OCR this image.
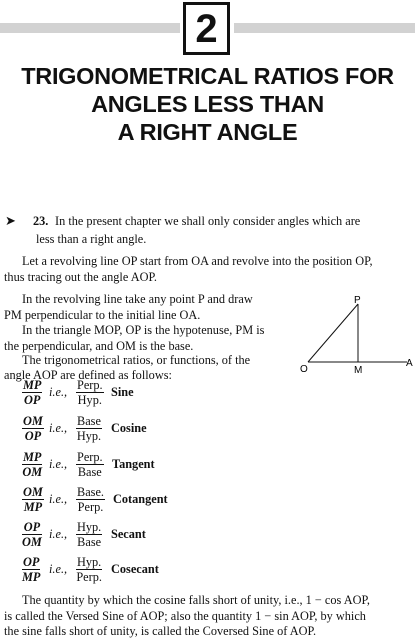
2
TRIGONOMETRICAL RATIOS FOR
ANGLES LESS THAN
A RIGHT ANGLE
➤ 23. In the present chapter we shall only consider angles which are
less than a right angle.
Let a revolving line OP start from OA and revolve into the position OP,
thus tracing out the angle AOP.
In the revolving line take any point P and draw
PM perpendicular to the initial line OA.
In the triangle MOP, OP is the hypotenuse, PM is
the perpendicular, and OM is the base.
The trigonometrical ratios, or functions, of the
angle AOP are defined as follows:	O	M
A
P
$\frac{MP}{OP} i.e$., Perp.
Hyp.
Sine
$\frac{OM}{OP} i.e$., Base
Hyp.
Cosine
$\frac{MP}{OM} i.e$., Perp.
Base
Tangent
$\frac{OM}{MP} i.e$., Base.
Perp.
Cotangent
$\frac{OP}{OM} i.e$., Hyp.
Base
Secant
$\frac{OP}{MP} i.e$., Hyp.
Perp.
Cosecant
The quantity by which the cosine falls short of unity, i.e., 1 − cos AOP,
is called the Versed Sine of AOP; also the quantity 1 − sin AOP, by which
the sine falls short of unity, is called the Coversed Sine of AOP.
